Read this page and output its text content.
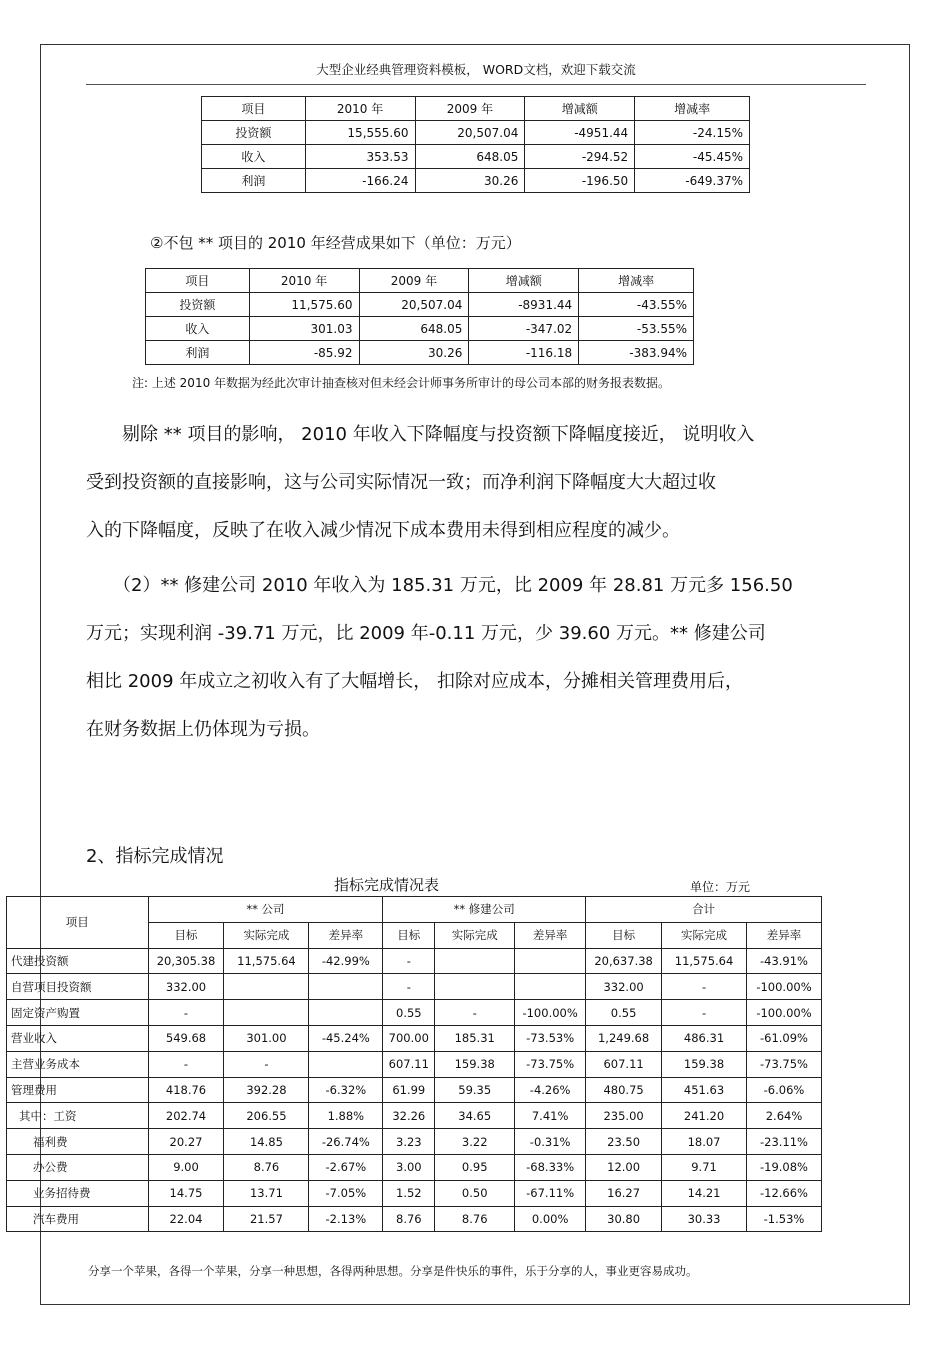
大型企业经典管理资料模板， WORD文档，欢迎下载交流
项目	2010 年	2009 年	增减额	增减率
投资额	15,555.60	20,507.04	-4951.44	-24.15%
收入	353.53	648.05	-294.52	-45.45%
利润	-166.24	30.26	-196.50	-649.37%
②不包 ** 项目的 2010 年经营成果如下（单位：万元）
项目	2010 年	2009 年	增减额	增减率
投资额	11,575.60	20,507.04	-8931.44	-43.55%
收入	301.03	648.05	-347.02	-53.55%
利润	-85.92	30.26	-116.18	-383.94%
注: 上述 2010 年数据为经此次审计抽查核对但未经会计师事务所审计的母公司本部的财务报表数据。
　　剔除 ** 项目的影响， 2010 年收入下降幅度与投资额下降幅度接近， 说明收入
受到投资额的直接影响，这与公司实际情况一致；而净利润下降幅度大大超过收
入的下降幅度，反映了在收入减少情况下成本费用未得到相应程度的减少。
　　（2）** 修建公司 2010 年收入为 185.31 万元，比 2009 年 28.81 万元多 156.50
万元；实现利润 -39.71 万元，比 2009 年-0.11 万元，少 39.60 万元。** 修建公司
相比 2009 年成立之初收入有了大幅增长， 扣除对应成本，分摊相关管理费用后，
在财务数据上仍体现为亏损。
2、指标完成情况
指标完成情况表	单位：万元
项目	** 公司			** 修建公司			合计		
	目标	实际完成	差异率	目标	实际完成	差异率	目标	实际完成	差异率
代建投资额	20,305.38	11,575.64	-42.99%	-			20,637.38	11,575.64	-43.91%
自营项目投资额	332.00			-			332.00	-	-100.00%
固定资产购置	-			0.55	-	-100.00%	0.55	-	-100.00%
营业收入	549.68	301.00	-45.24%	700.00	185.31	-73.53%	1,249.68	486.31	-61.09%
主营业务成本	-	-		607.11	159.38	-73.75%	607.11	159.38	-73.75%
管理费用	418.76	392.28	-6.32%	61.99	59.35	-4.26%	480.75	451.63	-6.06%
其中：工资	202.74	206.55	1.88%	32.26	34.65	7.41%	235.00	241.20	2.64%
福利费	20.27	14.85	-26.74%	3.23	3.22	-0.31%	23.50	18.07	-23.11%
办公费	9.00	8.76	-2.67%	3.00	0.95	-68.33%	12.00	9.71	-19.08%
业务招待费	14.75	13.71	-7.05%	1.52	0.50	-67.11%	16.27	14.21	-12.66%
汽车费用	22.04	21.57	-2.13%	8.76	8.76	0.00%	30.80	30.33	-1.53%
分享一个苹果，各得一个苹果，分享一种思想，各得两种思想。分享是件快乐的事件，乐于分享的人，事业更容易成功。
